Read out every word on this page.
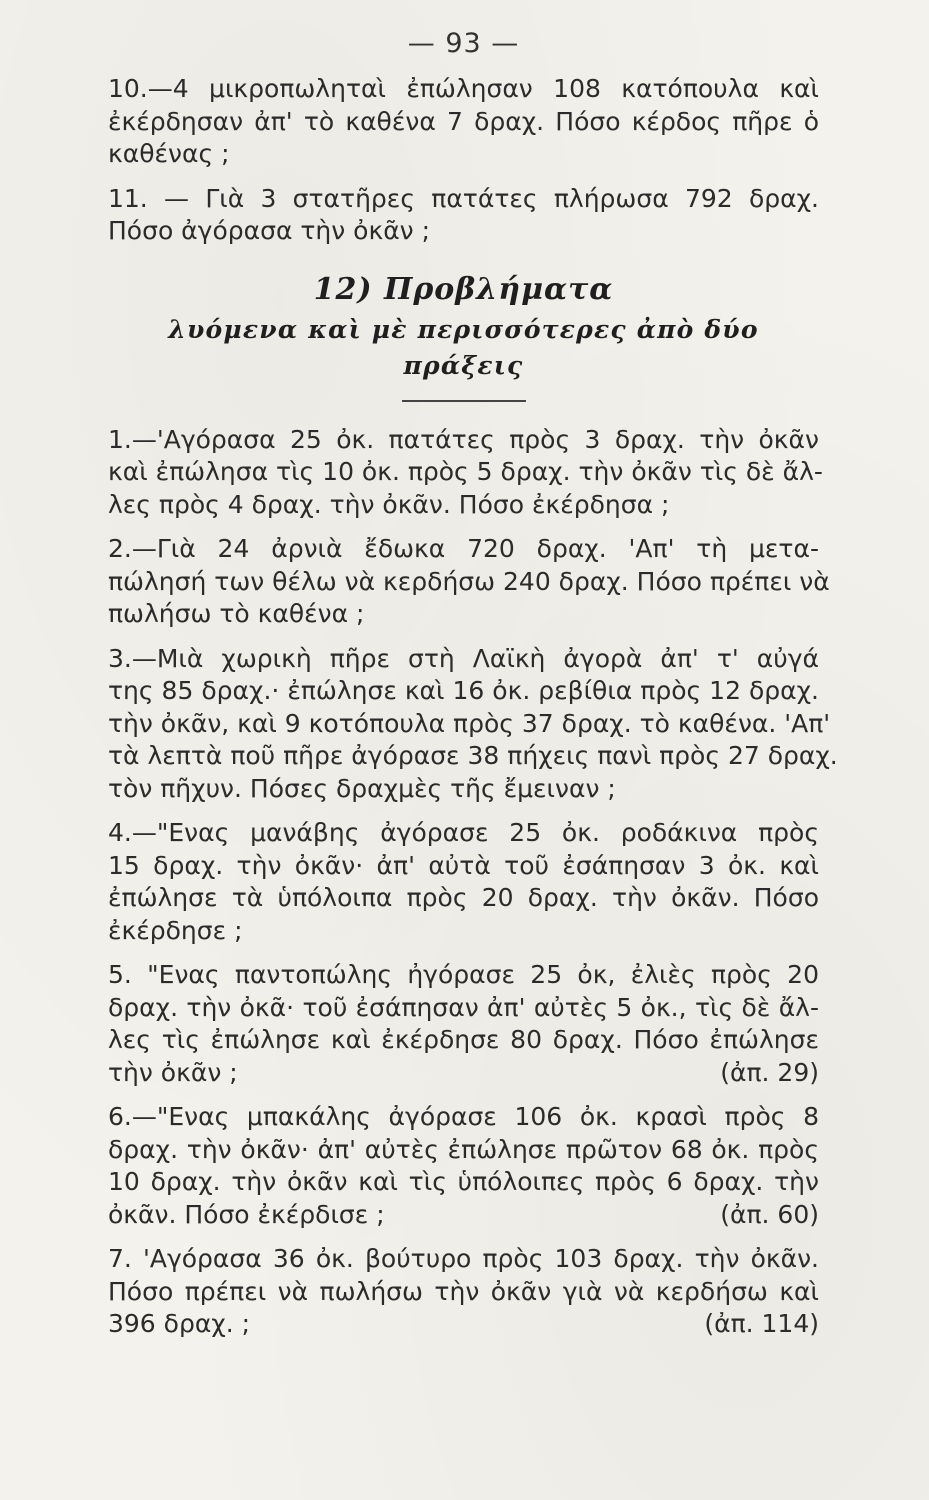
— 93 —
10.—4 μικροπωληταὶ ἐπώλησαν 108 κατόπουλα καὶ
ἐκέρδησαν ἀπ' τὸ καθένα 7 δραχ. Πόσο κέρδος πῆρε ὁ
καθένας ;
11. — Γιὰ 3 στατῆρες πατάτες πλήρωσα 792 δραχ.
Πόσο ἀγόρασα τὴν ὀκᾶν ;
12) Προβλήματα
λυόμενα καὶ μὲ περισσότερες ἀπὸ δύο πράξεις
1.—'Αγόρασα 25 ὀκ. πατάτες πρὸς 3 δραχ. τὴν ὀκᾶν
καὶ ἐπώλησα τὶς 10 ὀκ. πρὸς 5 δραχ. τὴν ὀκᾶν τὶς δὲ ἄλ-
λες πρὸς 4 δραχ. τὴν ὀκᾶν. Πόσο ἐκέρδησα ;
2.—Γιὰ 24 ἀρνιὰ ἔδωκα 720 δραχ. 'Απ' τὴ μετα-
πώλησή των θέλω νὰ κερδήσω 240 δραχ. Πόσο πρέπει νὰ
πωλήσω τὸ καθένα ;
3.—Μιὰ χωρικὴ πῆρε στὴ Λαϊκὴ ἀγορὰ ἀπ' τ' αὐγά
της 85 δραχ.· ἐπώλησε καὶ 16 ὀκ. ρεβίθια πρὸς 12 δραχ.
τὴν ὀκᾶν, καὶ 9 κοτόπουλα πρὸς 37 δραχ. τὸ καθένα. 'Απ'
τὰ λεπτὰ ποῦ πῆρε ἀγόρασε 38 πήχεις πανὶ πρὸς 27 δραχ.
τὸν πῆχυν. Πόσες δραχμὲς τῆς ἔμειναν ;
4.—"Ενας μανάβης ἀγόρασε 25 ὀκ. ροδάκινα πρὸς
15 δραχ. τὴν ὀκᾶν· ἀπ' αὐτὰ τοῦ ἐσάπησαν 3 ὀκ. καὶ
ἐπώλησε τὰ ὑπόλοιπα πρὸς 20 δραχ. τὴν ὀκᾶν. Πόσο
ἐκέρδησε ;
5. "Ενας παντοπώλης ἠγόρασε 25 ὀκ, ἐλιὲς πρὸς 20
δραχ. τὴν ὀκᾶ· τοῦ ἐσάπησαν ἀπ' αὐτὲς 5 ὀκ., τὶς δὲ ἄλ-
λες τὶς ἐπώλησε καὶ ἐκέρδησε 80 δραχ. Πόσο ἐπώλησε
τὴν ὀκᾶν ;	(ἀπ. 29)
6.—"Ενας μπακάλης ἀγόρασε 106 ὀκ. κρασὶ πρὸς 8
δραχ. τὴν ὀκᾶν· ἀπ' αὐτὲς ἐπώλησε πρῶτον 68 ὀκ. πρὸς
10 δραχ. τὴν ὀκᾶν καὶ τὶς ὑπόλοιπες πρὸς 6 δραχ. τὴν
ὀκᾶν. Πόσο ἐκέρδισε ;	(ἀπ. 60)
7. 'Αγόρασα 36 ὀκ. βούτυρο πρὸς 103 δραχ. τὴν ὀκᾶν.
Πόσο πρέπει νὰ πωλήσω τὴν ὀκᾶν γιὰ νὰ κερδήσω καὶ
396 δραχ. ;	(ἀπ. 114)
